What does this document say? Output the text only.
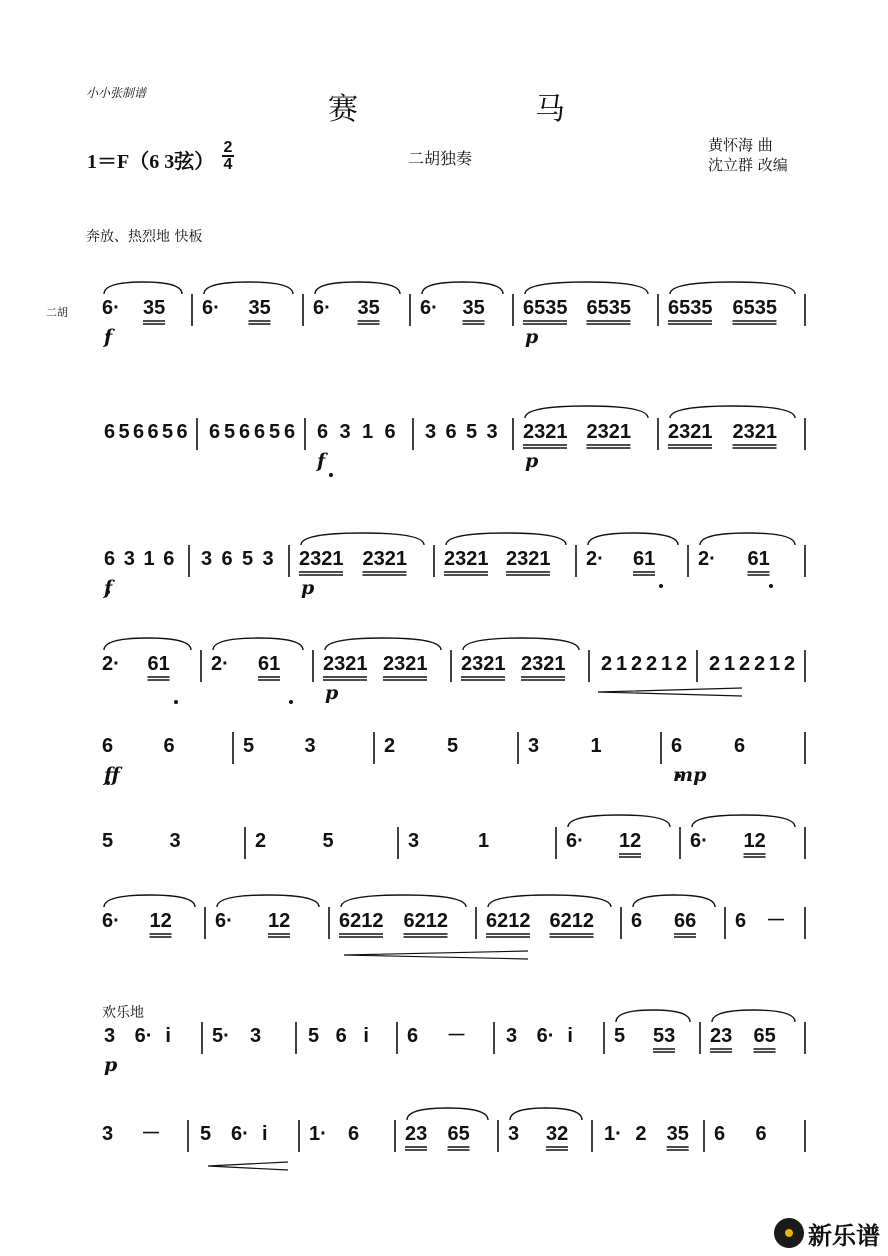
小小张制谱	赛	马
1＝F（6 3弦）
2
4	二胡独奏
黄怀海 曲
沈立群 改编
奔放、热烈地 快板
二胡 6· 35
f
6· 35 6· 35 6· 35 6535 6535
p
6535 6535
6 5 6 6 5 6 6 5 6 6 5 6 6 3 1 6
f
3 6 5 3 2321 2321
p
2321 2321
6 3 1 6
f
3 6 5 3 2321 2321
p
2321 2321 2· 61 2· 61
2· 61 2· 61 2321 2321
p
2321 2321 2 1 2 2 1 2 2 1 2 2 1 2
6	6
ff
5	3	2	5	3	1	6	6
mp
5	3	2	5	3	1	6· 12 6· 12
6· 12 6· 12 6212 6212 6212 6212 6 66 6 －
欢乐地
3 6· i
p
5· 3 5 6 i 6 － 3 6· i 5 53 23 65
3 － 5 6· i 1· 6 23 65 3 32 1· 2 35 6 6
新乐谱
